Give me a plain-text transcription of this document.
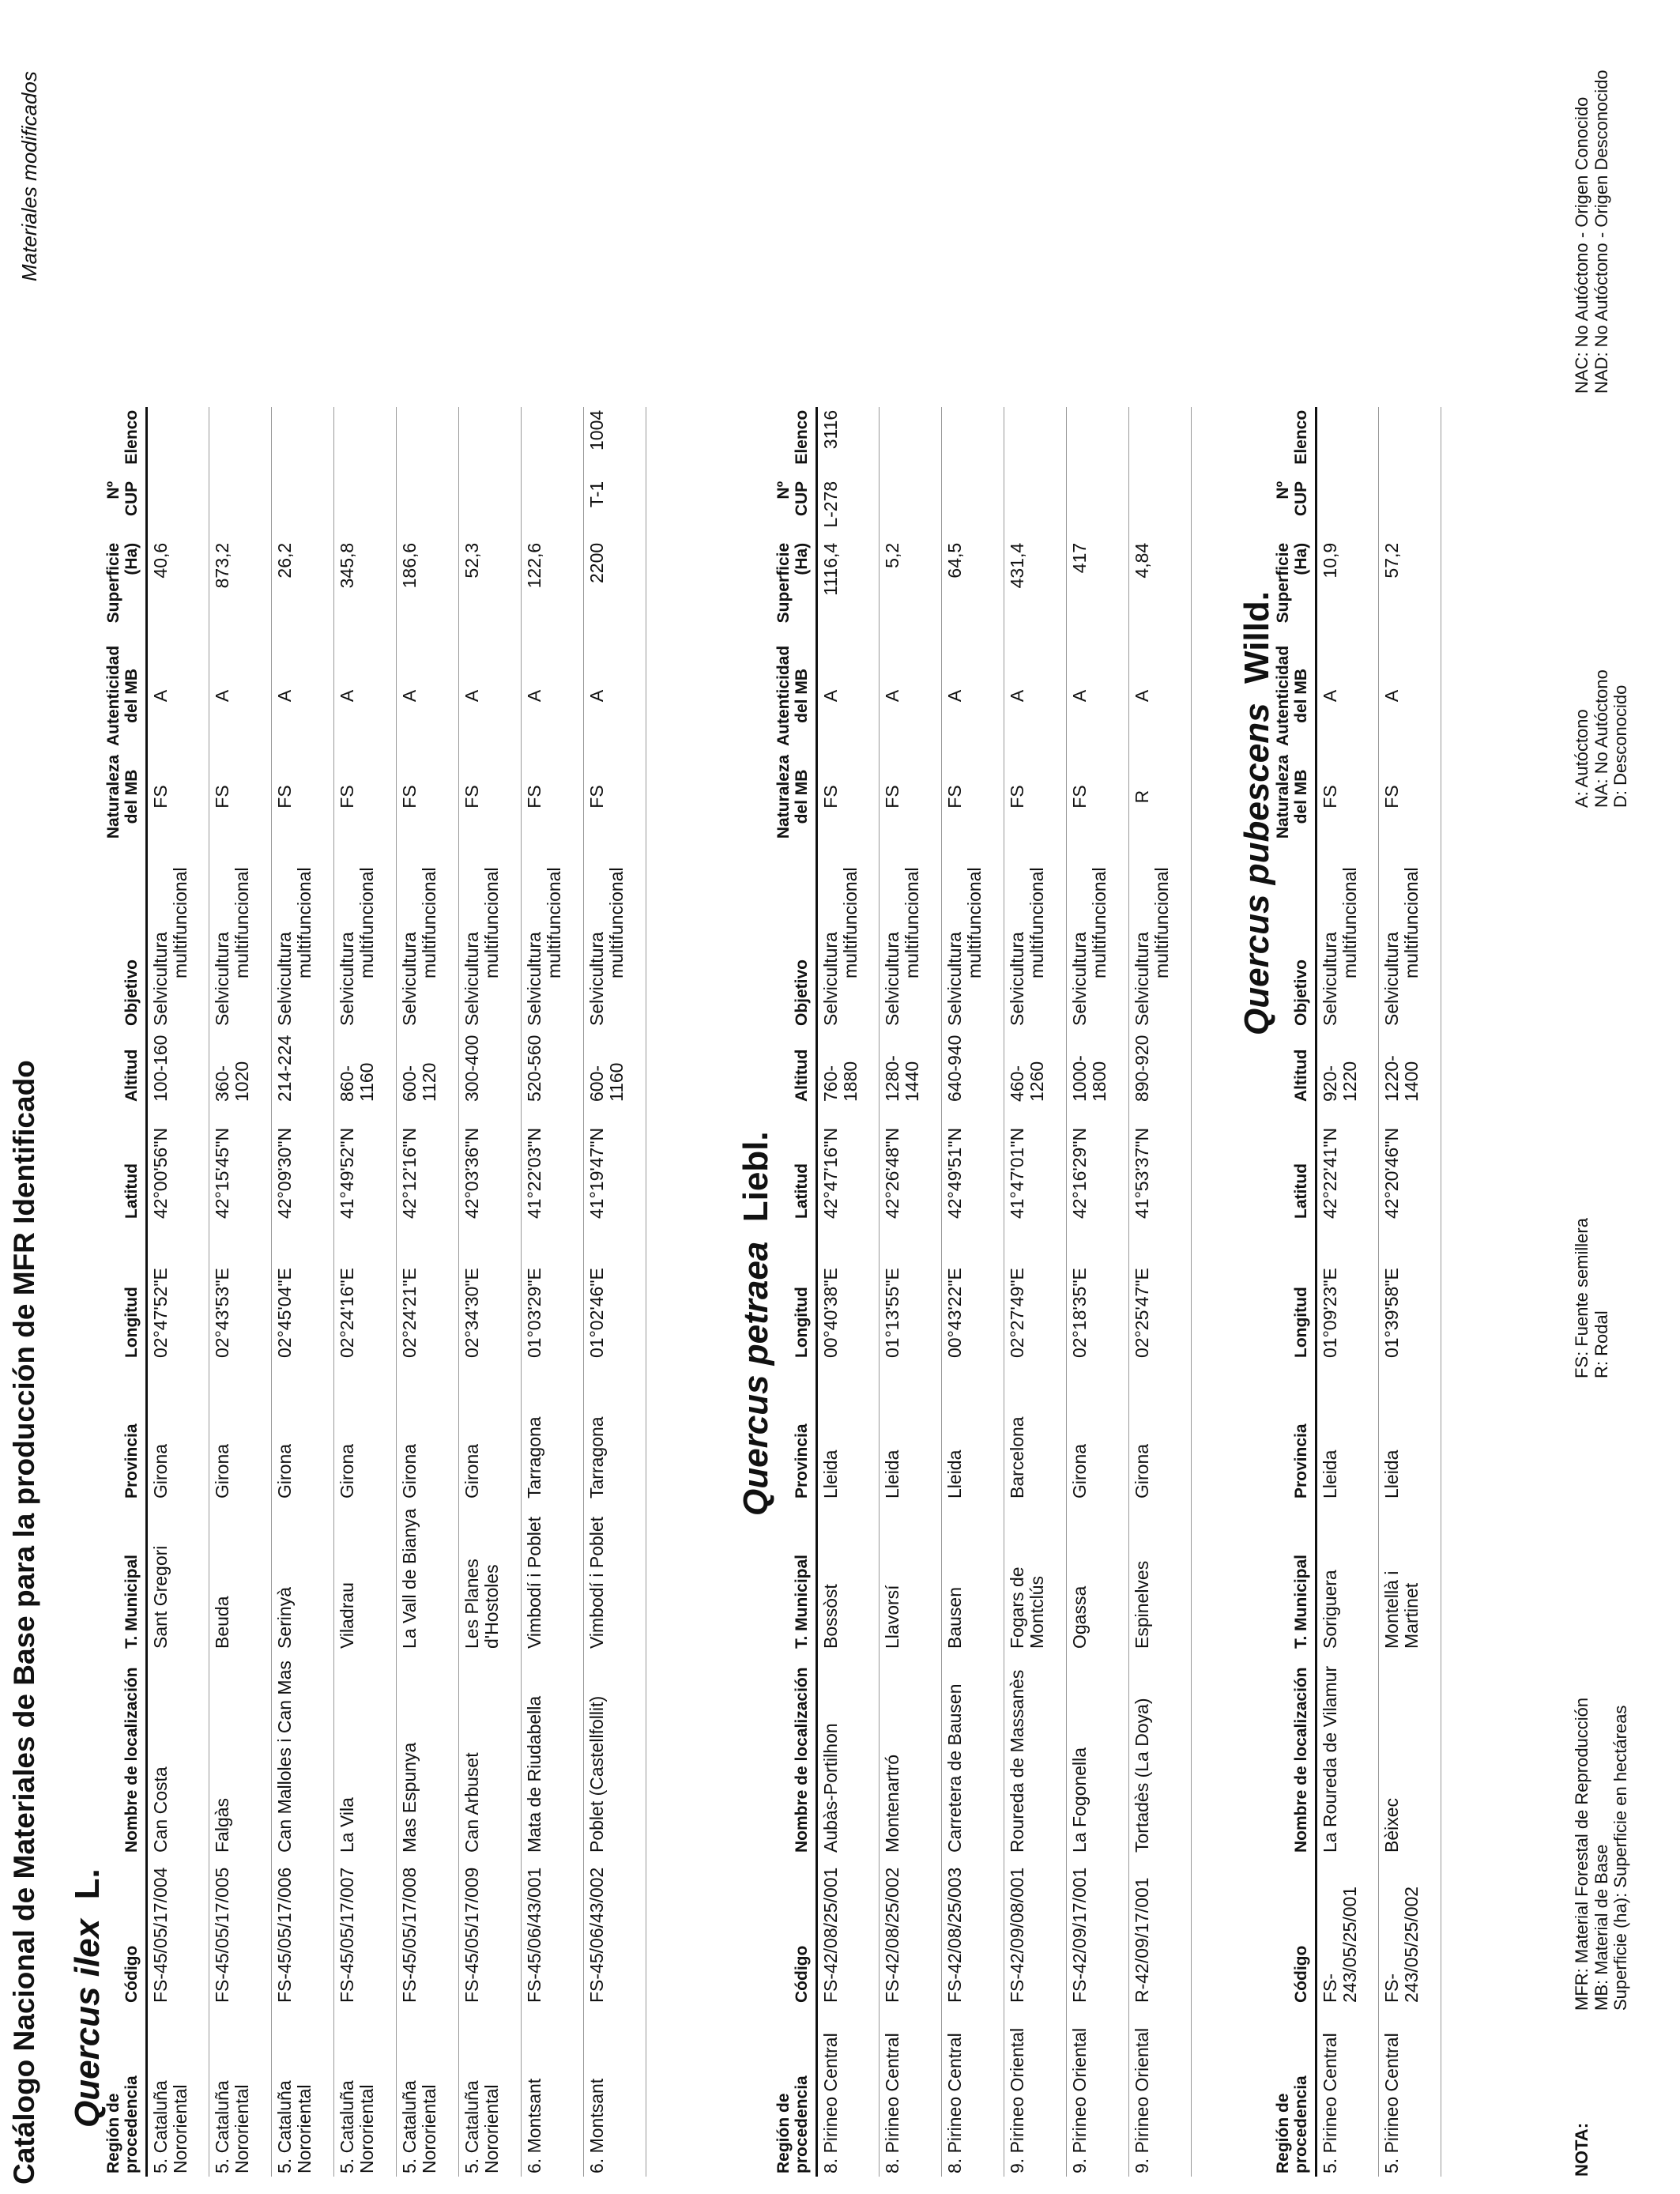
Catálogo Nacional de Materiales de Base para la producción de MFR Identificado
Materiales modificados
Quercus ilex  L.
Región de procedencia	Código	Nombre de localización	T. Municipal	Provincia	Longitud	Latitud	Altitud	Objetivo	Naturaleza del MB	Autenticidad del MB	Superficie (Ha)	Nº CUP	Elenco
5. Cataluña Nororiental	FS-45/05/17/004	Can Costa	Sant Gregori	Girona	02°47'52"E	42°00'56"N	100-160	Selvicultura
multifuncional	FS	A	40,6		
5. Cataluña Nororiental	FS-45/05/17/005	Falgàs	Beuda	Girona	02°43'53"E	42°15'45"N	360-1020	Selvicultura
multifuncional	FS	A	873,2		
5. Cataluña Nororiental	FS-45/05/17/006	Can Malloles i Can Mas	Serinyà	Girona	02°45'04"E	42°09'30"N	214-224	Selvicultura
multifuncional	FS	A	26,2		
5. Cataluña Nororiental	FS-45/05/17/007	La Vila	Viladrau	Girona	02°24'16"E	41°49'52"N	860-1160	Selvicultura
multifuncional	FS	A	345,8		
5. Cataluña Nororiental	FS-45/05/17/008	Mas Espunya	La Vall de Bianya	Girona	02°24'21"E	42°12'16"N	600-1120	Selvicultura
multifuncional	FS	A	186,6		
5. Cataluña Nororiental	FS-45/05/17/009	Can Arbuset	Les Planes d'Hostoles	Girona	02°34'30"E	42°03'36"N	300-400	Selvicultura
multifuncional	FS	A	52,3		
6. Montsant	FS-45/06/43/001	Mata de Riudabella	Vimbodí i Poblet	Tarragona	01°03'29"E	41°22'03"N	520-560	Selvicultura
multifuncional	FS	A	122,6		
6. Montsant	FS-45/06/43/002	Poblet (Castellfollit)	Vimbodí i Poblet	Tarragona	01°02'46"E	41°19'47"N	600-1160	Selvicultura
multifuncional	FS	A	2200	T-1	1004
Quercus petraea  Liebl.
Región de procedencia	Código	Nombre de localización	T. Municipal	Provincia	Longitud	Latitud	Altitud	Objetivo	Naturaleza del MB	Autenticidad del MB	Superficie (Ha)	Nº CUP	Elenco
8. Pirineo Central	FS-42/08/25/001	Aubàs-Portilhon	Bossòst	Lleida	00°40'38"E	42°47'16"N	760-1880	Selvicultura
multifuncional	FS	A	1116,4	L-278	3116
8. Pirineo Central	FS-42/08/25/002	Montenartró	Llavorsí	Lleida	01°13'55"E	42°26'48"N	1280-1440	Selvicultura
multifuncional	FS	A	5,2		
8. Pirineo Central	FS-42/08/25/003	Carretera de Bausen	Bausen	Lleida	00°43'22"E	42°49'51"N	640-940	Selvicultura
multifuncional	FS	A	64,5		
9. Pirineo Oriental	FS-42/09/08/001	Roureda de Massanès	Fogars de Montclús	Barcelona	02°27'49"E	41°47'01"N	460-1260	Selvicultura
multifuncional	FS	A	431,4		
9. Pirineo Oriental	FS-42/09/17/001	La Fogonella	Ogassa	Girona	02°18'35"E	42°16'29"N	1000-1800	Selvicultura
multifuncional	FS	A	417		
9. Pirineo Oriental	R-42/09/17/001	Tortadès (La Doya)	Espinelves	Girona	02°25'47"E	41°53'37"N	890-920	Selvicultura
multifuncional	R	A	4,84		
Quercus pubescens  Willd.
Región de procedencia	Código	Nombre de localización	T. Municipal	Provincia	Longitud	Latitud	Altitud	Objetivo	Naturaleza del MB	Autenticidad del MB	Superficie (Ha)	Nº CUP	Elenco
5. Pirineo Central	FS-243/05/25/001	La Roureda de Vilamur	Soriguera	Lleida	01°09'23"E	42°22'41"N	920-1220	Selvicultura
multifuncional	FS	A	10,9		
5. Pirineo Central	FS-243/05/25/002	Bèixec	Montellà i Martinet	Lleida	01°39'58"E	42°20'46"N	1220-1400	Selvicultura
multifuncional	FS	A	57,2		
NOTA:
MFR: Material Forestal de Reproducción MB: Material de Base Superficie (ha): Superficie en hectáreas
FS: Fuente semillera R: Rodal
A: Autóctono NA: No Autóctono D: Desconocido
NAC: No Autóctono - Origen Conocido NAD: No Autóctono - Origen Desconocido
